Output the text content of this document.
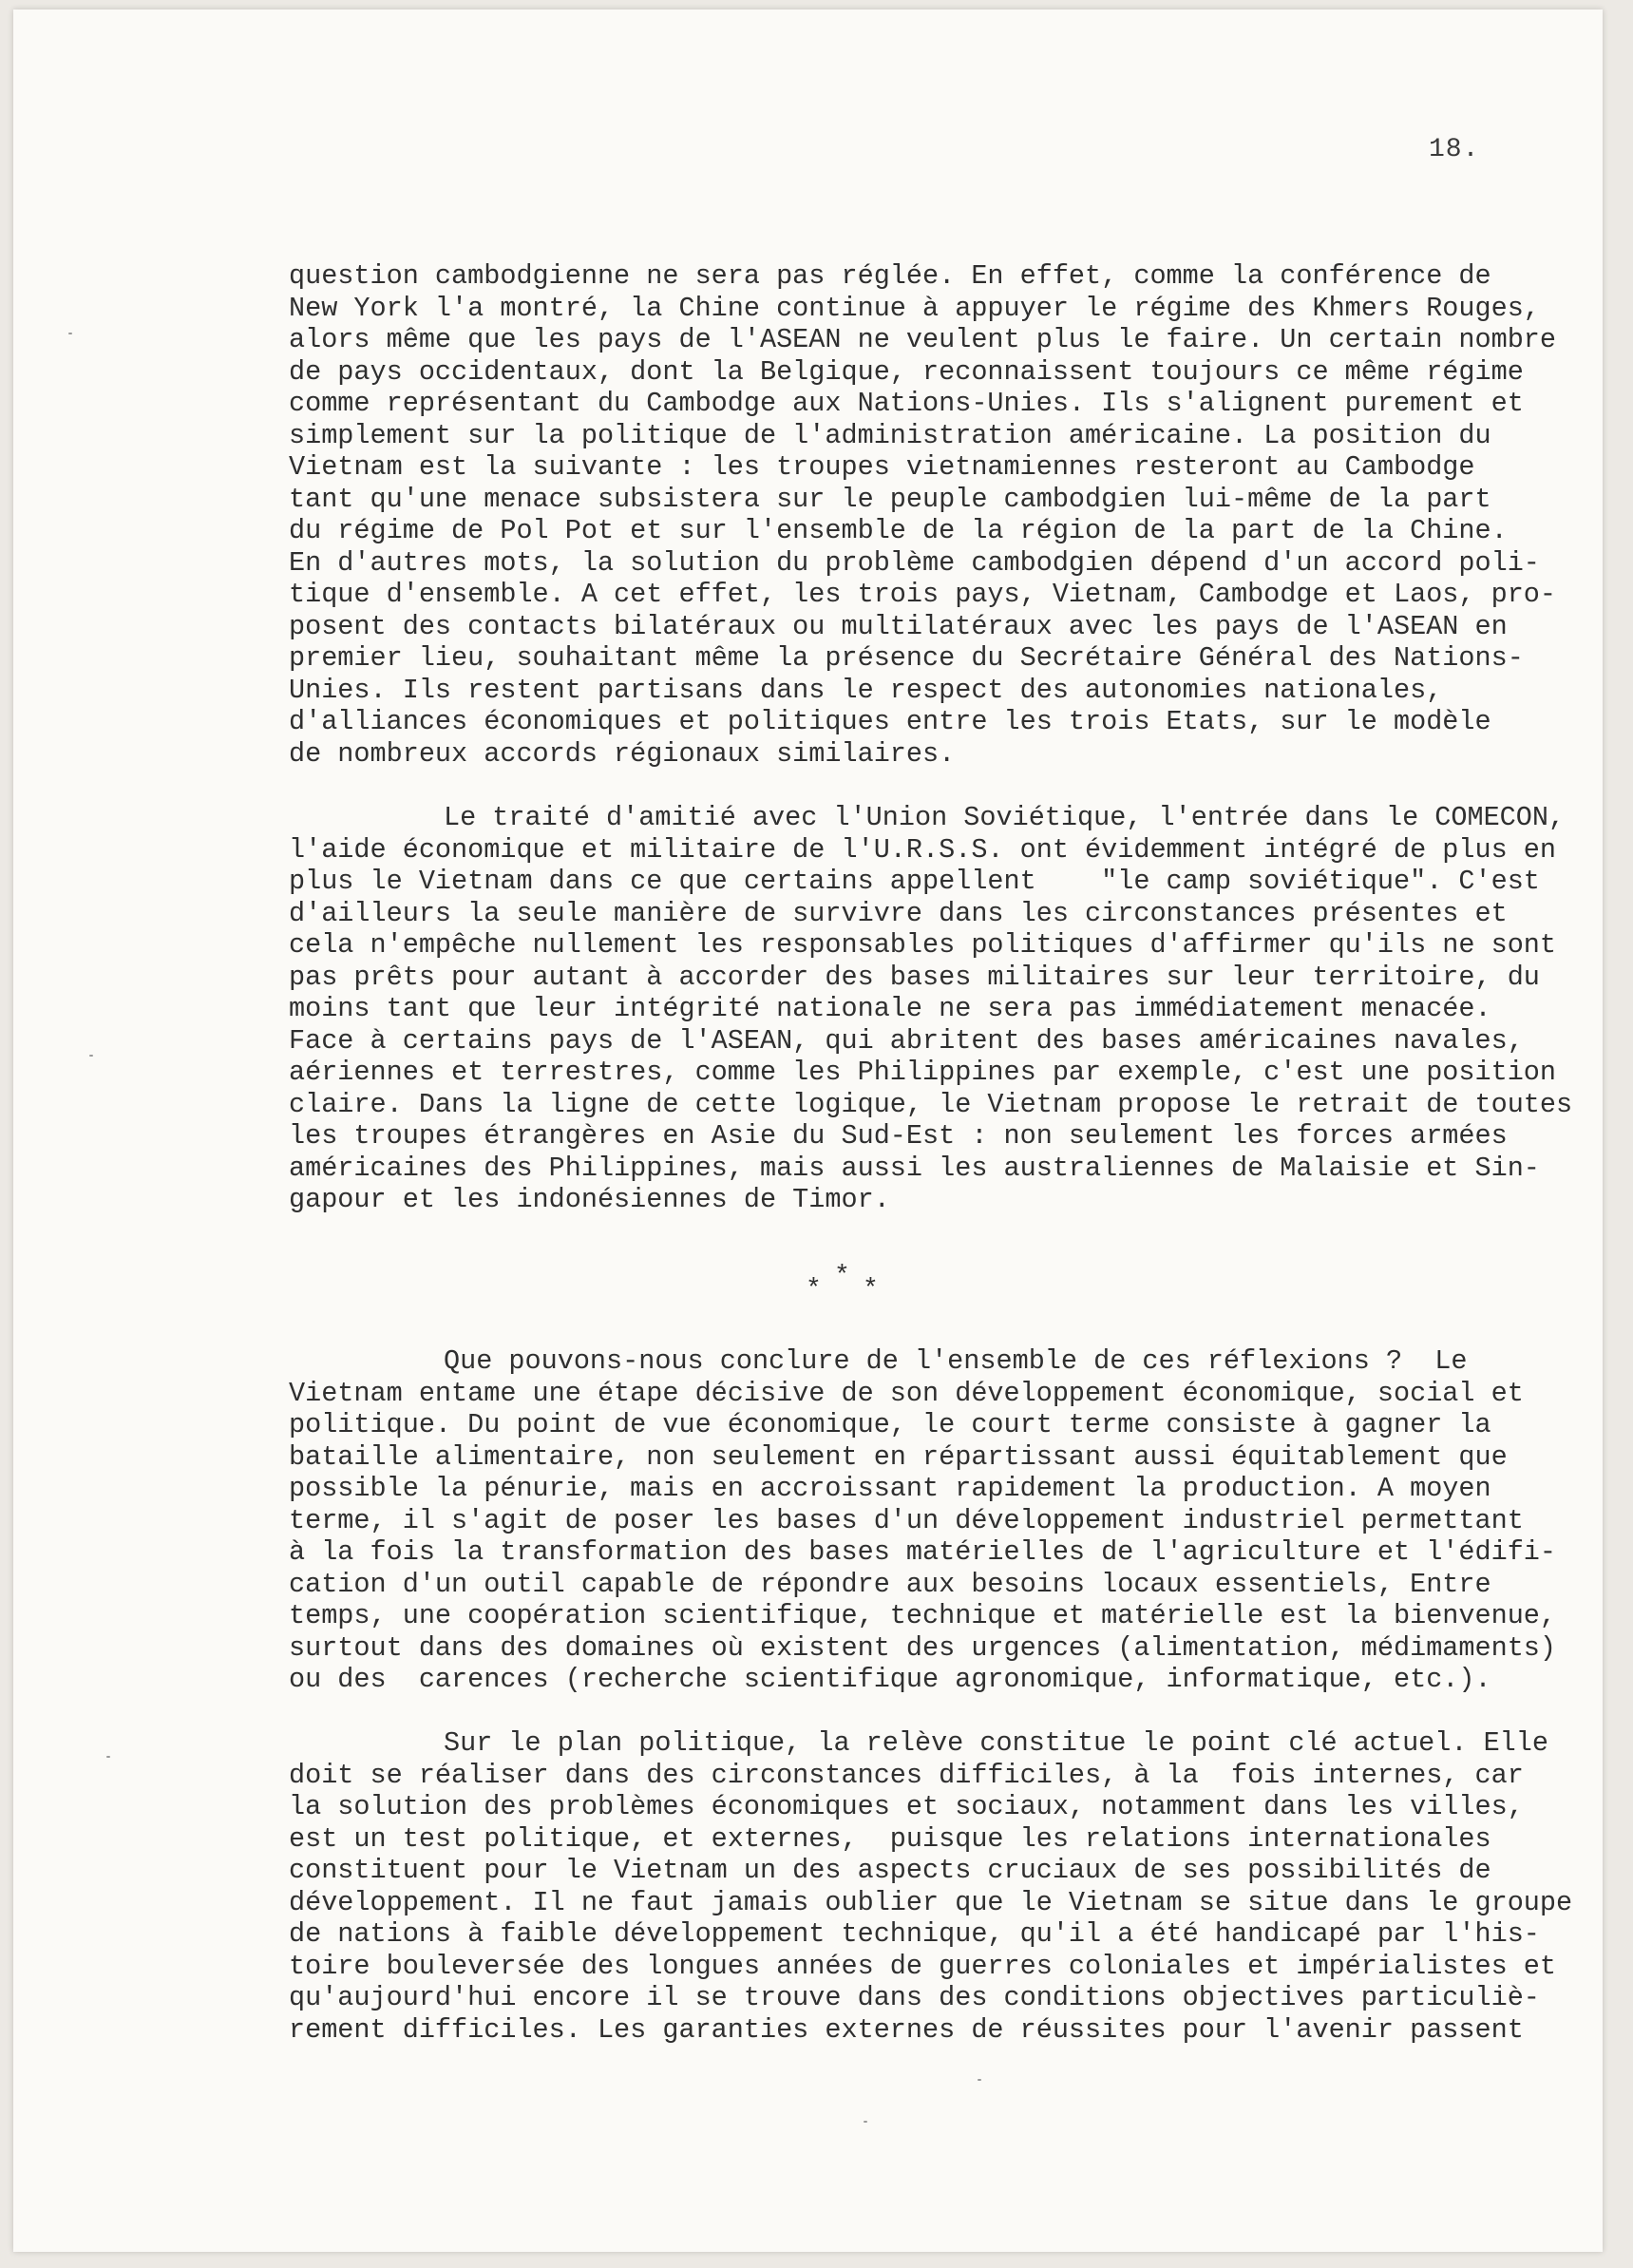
18.
question cambodgienne ne sera pas réglée. En effet, comme la conférence de
New York l'a montré, la Chine continue à appuyer le régime des Khmers Rouges,
alors même que les pays de l'ASEAN ne veulent plus le faire. Un certain nombre
de pays occidentaux, dont la Belgique, reconnaissent toujours ce même régime
comme représentant du Cambodge aux Nations-Unies. Ils s'alignent purement et
simplement sur la politique de l'administration américaine. La position du
Vietnam est la suivante : les troupes vietnamiennes resteront au Cambodge
tant qu'une menace subsistera sur le peuple cambodgien lui-même de la part
du régime de Pol Pot et sur l'ensemble de la région de la part de la Chine.
En d'autres mots, la solution du problème cambodgien dépend d'un accord poli-
tique d'ensemble. A cet effet, les trois pays, Vietnam, Cambodge et Laos, pro-
posent des contacts bilatéraux ou multilatéraux avec les pays de l'ASEAN en
premier lieu, souhaitant même la présence du Secrétaire Général des Nations-
Unies. Ils restent partisans dans le respect des autonomies nationales,
d'alliances économiques et politiques entre les trois Etats, sur le modèle
de nombreux accords régionaux similaires.
Le traité d'amitié avec l'Union Soviétique, l'entrée dans le COMECON,
l'aide économique et militaire de l'U.R.S.S. ont évidemment intégré de plus en
plus le Vietnam dans ce que certains appellent    "le camp soviétique". C'est
d'ailleurs la seule manière de survivre dans les circonstances présentes et
cela n'empêche nullement les responsables politiques d'affirmer qu'ils ne sont
pas prêts pour autant à accorder des bases militaires sur leur territoire, du
moins tant que leur intégrité nationale ne sera pas immédiatement menacée.
Face à certains pays de l'ASEAN, qui abritent des bases américaines navales,
aériennes et terrestres, comme les Philippines par exemple, c'est une position
claire. Dans la ligne de cette logique, le Vietnam propose le retrait de toutes
les troupes étrangères en Asie du Sud-Est : non seulement les forces armées
américaines des Philippines, mais aussi les australiennes de Malaisie et Sin-
gapour et les indonésiennes de Timor.
* * *
Que pouvons-nous conclure de l'ensemble de ces réflexions ?  Le
Vietnam entame une étape décisive de son développement économique, social et
politique. Du point de vue économique, le court terme consiste à gagner la
bataille alimentaire, non seulement en répartissant aussi équitablement que
possible la pénurie, mais en accroissant rapidement la production. A moyen
terme, il s'agit de poser les bases d'un développement industriel permettant
à la fois la transformation des bases matérielles de l'agriculture et l'édifi-
cation d'un outil capable de répondre aux besoins locaux essentiels, Entre
temps, une coopération scientifique, technique et matérielle est la bienvenue,
surtout dans des domaines où existent des urgences (alimentation, médimaments)
ou des  carences (recherche scientifique agronomique, informatique, etc.).
Sur le plan politique, la relève constitue le point clé actuel. Elle
doit se réaliser dans des circonstances difficiles, à la  fois internes, car
la solution des problèmes économiques et sociaux, notamment dans les villes,
est un test politique, et externes,  puisque les relations internationales
constituent pour le Vietnam un des aspects cruciaux de ses possibilités de
développement. Il ne faut jamais oublier que le Vietnam se situe dans le groupe
de nations à faible développement technique, qu'il a été handicapé par l'his-
toire bouleversée des longues années de guerres coloniales et impérialistes et
qu'aujourd'hui encore il se trouve dans des conditions objectives particuliè-
rement difficiles. Les garanties externes de réussites pour l'avenir passent
